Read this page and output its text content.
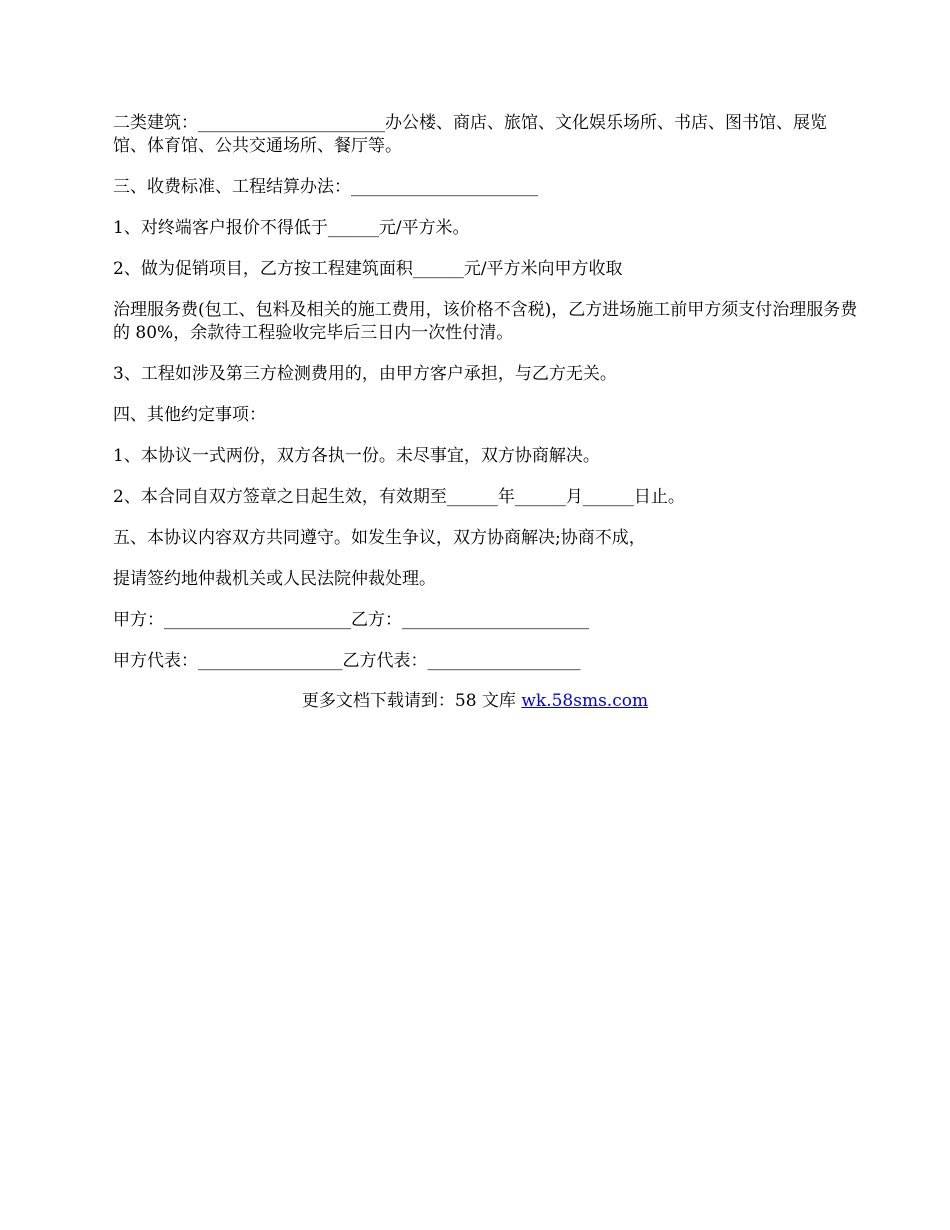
二类建筑：______________________办公楼、商店、旅馆、文化娱乐场所、书店、图书馆、展览馆、体育馆、公共交通场所、餐厅等。

三、收费标准、工程结算办法：______________________

1、对终端客户报价不得低于______元/平方米。

2、做为促销项目，乙方按工程建筑面积______元/平方米向甲方收取

治理服务费(包工、包料及相关的施工费用，该价格不含税)，乙方进场施工前甲方须支付治理服务费的 80%，余款待工程验收完毕后三日内一次性付清。

3、工程如涉及第三方检测费用的，由甲方客户承担，与乙方无关。

四、其他约定事项：

1、本协议一式两份，双方各执一份。未尽事宜，双方协商解决。

2、本合同自双方签章之日起生效，有效期至______年______月______日止。

五、本协议内容双方共同遵守。如发生争议，双方协商解决;协商不成，

提请签约地仲裁机关或人民法院仲裁处理。

甲方：______________________乙方：______________________

甲方代表：_________________乙方代表：__________________

更多文档下载请到：58 文库 wk.58sms.com
